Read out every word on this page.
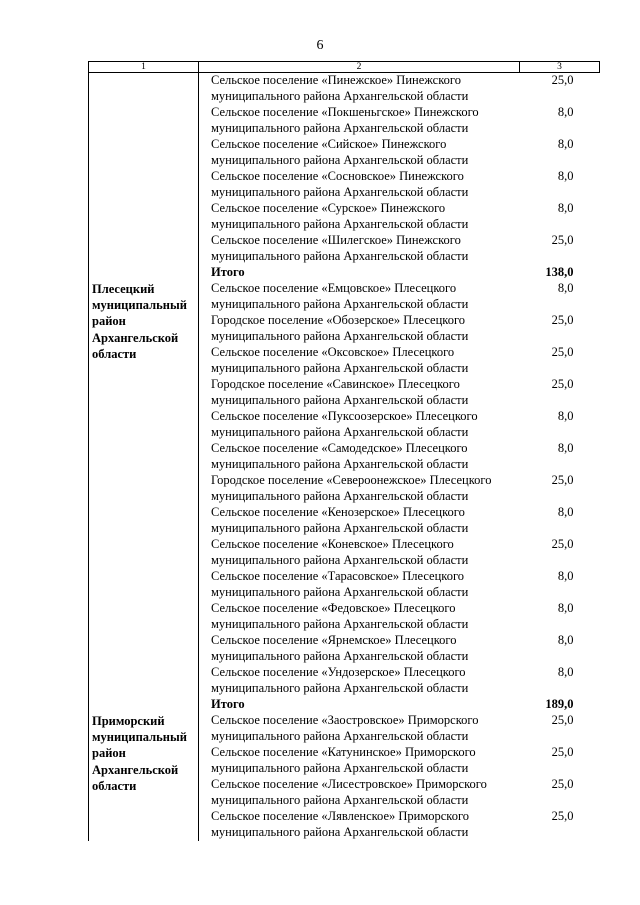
6
1	2	3
	Сельское поселение «Пинежское» Пинежского муниципального района Архангельской области	25,0
	Сельское поселение «Покшеньгское» Пинежского муниципального района Архангельской области	8,0
	Сельское поселение «Сийское» Пинежского муниципального района Архангельской области	8,0
	Сельское поселение «Сосновское» Пинежского муниципального района Архангельской области	8,0
	Сельское поселение «Сурское» Пинежского муниципального района Архангельской области	8,0
	Сельское поселение «Шилегское» Пинежского муниципального района Архангельской области	25,0
	Итого	138,0
Плесецкий муниципальный район Архангельской области	Сельское поселение «Емцовское» Плесецкого муниципального района Архангельской области	8,0
	Городское поселение «Обозерское» Плесецкого муниципального района Архангельской области	25,0
	Сельское поселение «Оксовское» Плесецкого муниципального района Архангельской области	25,0
	Городское поселение «Савинское» Плесецкого муниципального района Архангельской области	25,0
	Сельское поселение «Пуксоозерское» Плесецкого муниципального района Архангельской области	8,0
	Сельское поселение «Самодедское» Плесецкого муниципального района Архангельской области	8,0
	Городское поселение «Североонежское» Плесецкого муниципального района Архангельской области	25,0
	Сельское поселение «Кенозерское» Плесецкого муниципального района Архангельской области	8,0
	Сельское поселение «Коневское» Плесецкого муниципального района Архангельской области	25,0
	Сельское поселение «Тарасовское» Плесецкого муниципального района Архангельской области	8,0
	Сельское поселение «Федовское» Плесецкого муниципального района Архангельской области	8,0
	Сельское поселение «Ярнемское» Плесецкого муниципального района Архангельской области	8,0
	Сельское поселение «Ундозерское» Плесецкого муниципального района Архангельской области	8,0
	Итого	189,0
Приморский муниципальный район Архангельской области	Сельское поселение «Заостровское» Приморского муниципального района Архангельской области	25,0
	Сельское поселение «Катунинское» Приморского муниципального района Архангельской области	25,0
	Сельское поселение «Лисестровское» Приморского муниципального района Архангельской области	25,0
	Сельское поселение «Лявленское» Приморского муниципального района Архангельской области	25,0
